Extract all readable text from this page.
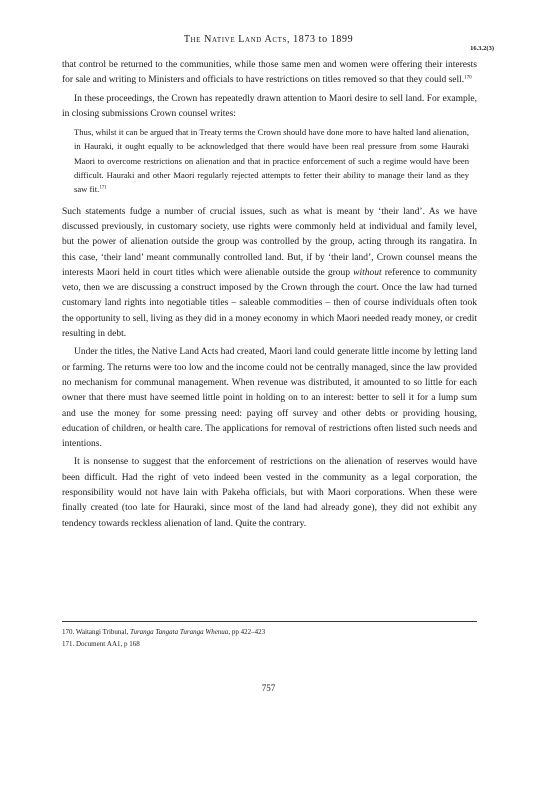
The Native Land Acts, 1873 to 1899
16.3.2(3)

that control be returned to the communities, while those same men and women were offering their interests for sale and writing to Ministers and officials to have restrictions on titles removed so that they could sell.$^{170}$

In these proceedings, the Crown has repeatedly drawn attention to Maori desire to sell land. For example, in closing submissions Crown counsel writes:

Thus, whilst it can be argued that in Treaty terms the Crown should have done more to have halted land alienation, in Hauraki, it ought equally to be acknowledged that there would have been real pressure from some Hauraki Maori to overcome restrictions on alienation and that in practice enforcement of such a regime would have been difficult. Hauraki and other Maori regularly rejected attempts to fetter their ability to manage their land as they saw fit.$^{171}$

Such statements fudge a number of crucial issues, such as what is meant by ‘their land’. As we have discussed previously, in customary society, use rights were commonly held at individual and family level, but the power of alienation outside the group was controlled by the group, acting through its rangatira. In this case, ‘their land’ meant communally controlled land. But, if by ‘their land’, Crown counsel means the interests Maori held in court titles which were alienable outside the group without reference to community veto, then we are discussing a construct imposed by the Crown through the court. Once the law had turned customary land rights into negotiable titles – saleable commodities – then of course individuals often took the opportunity to sell, living as they did in a money economy in which Maori needed ready money, or credit resulting in debt.

Under the titles, the Native Land Acts had created, Maori land could generate little income by letting land or farming. The returns were too low and the income could not be centrally managed, since the law provided no mechanism for communal management. When revenue was distributed, it amounted to so little for each owner that there must have seemed little point in holding on to an interest: better to sell it for a lump sum and use the money for some pressing need: paying off survey and other debts or providing housing, education of children, or health care. The applications for removal of restrictions often listed such needs and intentions.

It is nonsense to suggest that the enforcement of restrictions on the alienation of reserves would have been difficult. Had the right of veto indeed been vested in the community as a legal corporation, the responsibility would not have lain with Pakeha officials, but with Maori corporations. When these were finally created (too late for Hauraki, since most of the land had already gone), they did not exhibit any tendency towards reckless alienation of land. Quite the contrary.

170. Waitangi Tribunal, Turanga Tangata Turanga Whenua, pp 422–423

171. Document AA1, p 168

757
